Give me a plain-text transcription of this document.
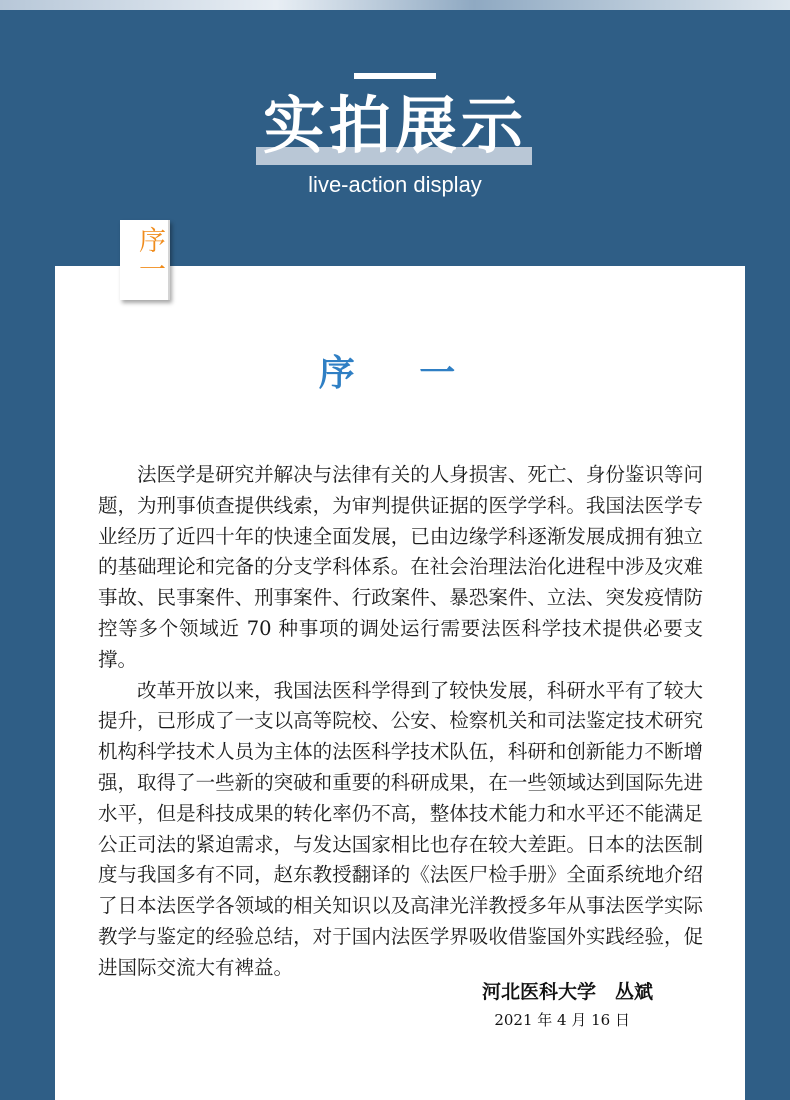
实拍展示
live-action display
序 一

法医学是研究并解决与法律有关的人身损害、死亡、身份鉴识等问题，为刑事侦查提供线索，为审判提供证据的医学学科。我国法医学专业经历了近四十年的快速全面发展，已由边缘学科逐渐发展成拥有独立的基础理论和完备的分支学科体系。在社会治理法治化进程中涉及灾难事故、民事案件、刑事案件、行政案件、暴恐案件、立法、突发疫情防控等多个领域近 70 种事项的调处运行需要法医科学技术提供必要支撑。

改革开放以来，我国法医科学得到了较快发展，科研水平有了较大提升，已形成了一支以高等院校、公安、检察机关和司法鉴定技术研究机构科学技术人员为主体的法医科学技术队伍，科研和创新能力不断增强，取得了一些新的突破和重要的科研成果，在一些领域达到国际先进水平，但是科技成果的转化率仍不高，整体技术能力和水平还不能满足公正司法的紧迫需求，与发达国家相比也存在较大差距。日本的法医制度与我国多有不同，赵东教授翻译的《法医尸检手册》全面系统地介绍了日本法医学各领域的相关知识以及高津光洋教授多年从事法医学实际教学与鉴定的经验总结，对于国内法医学界吸收借鉴国外实践经验，促进国际交流大有裨益。

河北医科大学　丛斌
2021 年 4 月 16 日
序一
